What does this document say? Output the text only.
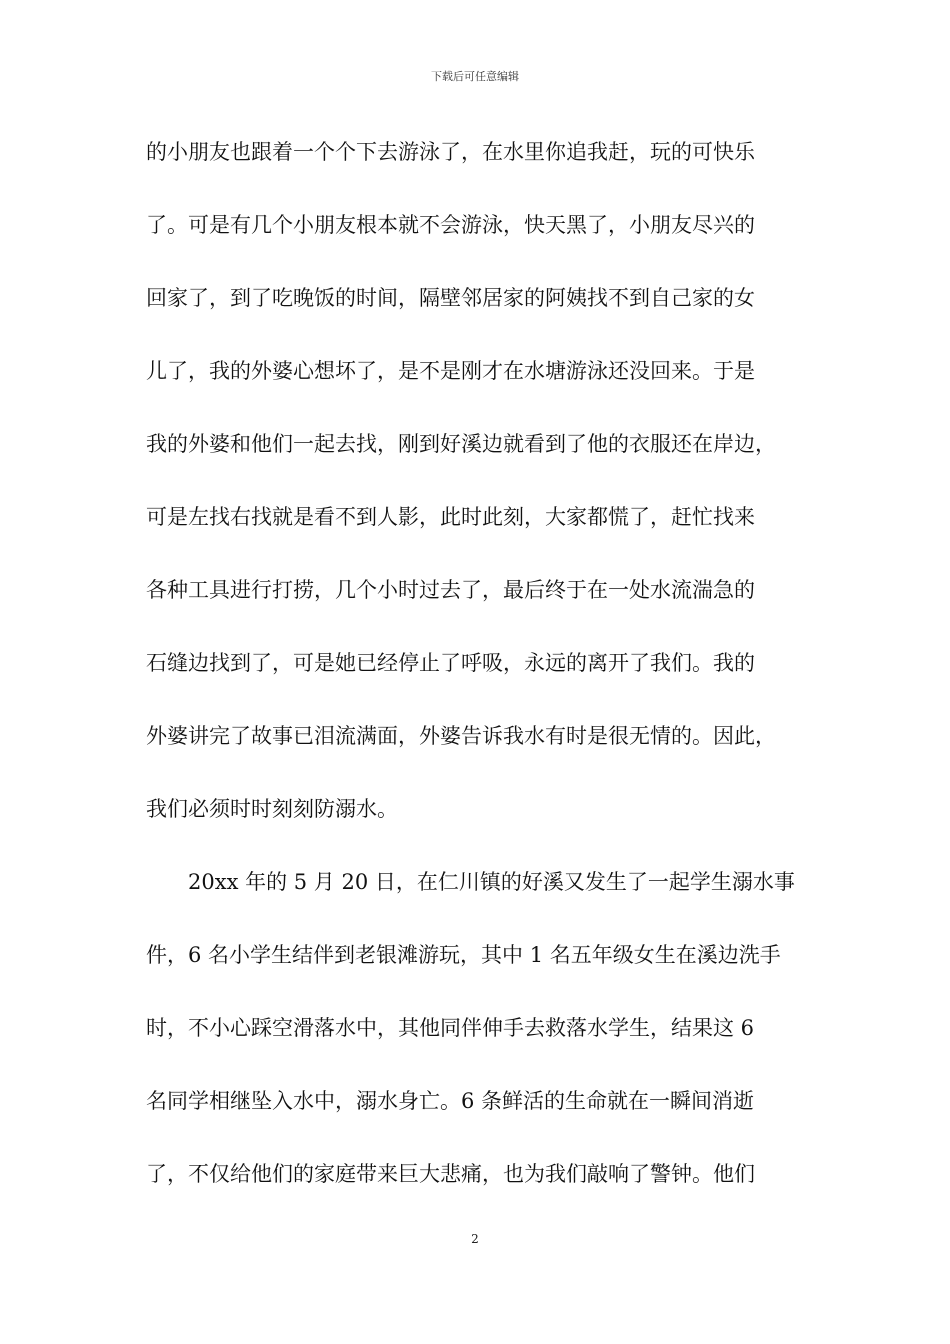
下载后可任意编辑
的小朋友也跟着一个个下去游泳了，在水里你追我赶，玩的可快乐
了。可是有几个小朋友根本就不会游泳，快天黑了，小朋友尽兴的
回家了，到了吃晚饭的时间，隔壁邻居家的阿姨找不到自己家的女
儿了，我的外婆心想坏了，是不是刚才在水塘游泳还没回来。于是
我的外婆和他们一起去找，刚到好溪边就看到了他的衣服还在岸边，
可是左找右找就是看不到人影，此时此刻，大家都慌了，赶忙找来
各种工具进行打捞，几个小时过去了，最后终于在一处水流湍急的
石缝边找到了，可是她已经停止了呼吸，永远的离开了我们。我的
外婆讲完了故事已泪流满面，外婆告诉我水有时是很无情的。因此，
我们必须时时刻刻防溺水。
20xx 年的 5 月 20 日，在仁川镇的好溪又发生了一起学生溺水事
件，6 名小学生结伴到老银滩游玩，其中 1 名五年级女生在溪边洗手
时，不小心踩空滑落水中，其他同伴伸手去救落水学生，结果这 6
名同学相继坠入水中，溺水身亡。6 条鲜活的生命就在一瞬间消逝
了，不仅给他们的家庭带来巨大悲痛，也为我们敲响了警钟。他们
2
